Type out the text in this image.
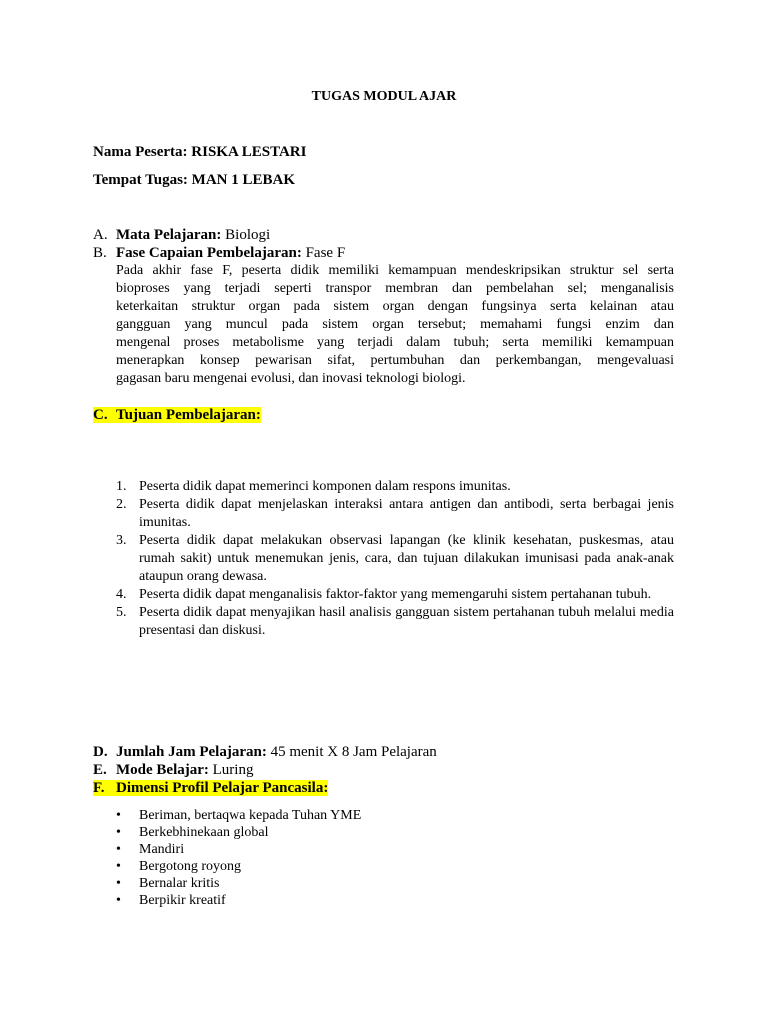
TUGAS MODUL AJAR
Nama Peserta: RISKA LESTARI
Tempat Tugas: MAN 1 LEBAK
A. Mata Pelajaran: Biologi
B. Fase Capaian Pembelajaran: Fase F
Pada akhir fase F, peserta didik memiliki kemampuan mendeskripsikan struktur sel serta
bioproses yang terjadi seperti transpor membran dan pembelahan sel; menganalisis
keterkaitan struktur organ pada sistem organ dengan fungsinya serta kelainan atau
gangguan yang muncul pada sistem organ tersebut; memahami fungsi enzim dan
mengenal proses metabolisme yang terjadi dalam tubuh; serta memiliki kemampuan
menerapkan konsep pewarisan sifat, pertumbuhan dan perkembangan, mengevaluasi
gagasan baru mengenai evolusi, dan inovasi teknologi biologi.
C. Tujuan Pembelajaran:
1. Peserta didik dapat memerinci komponen dalam respons imunitas.
2. Peserta didik dapat menjelaskan interaksi antara antigen dan antibodi, serta berbagai jenis imunitas.
3. Peserta didik dapat melakukan observasi lapangan (ke klinik kesehatan, puskesmas, atau rumah sakit) untuk menemukan jenis, cara, dan tujuan dilakukan imunisasi pada anak-anak ataupun orang dewasa.
4. Peserta didik dapat menganalisis faktor-faktor yang memengaruhi sistem pertahanan tubuh.
5. Peserta didik dapat menyajikan hasil analisis gangguan sistem pertahanan tubuh melalui media presentasi dan diskusi.
D. Jumlah Jam Pelajaran: 45 menit X 8 Jam Pelajaran
E. Mode Belajar: Luring
F. Dimensi Profil Pelajar Pancasila:
• Beriman, bertaqwa kepada Tuhan YME
• Berkebhinekaan global
• Mandiri
• Bergotong royong
• Bernalar kritis
• Berpikir kreatif
